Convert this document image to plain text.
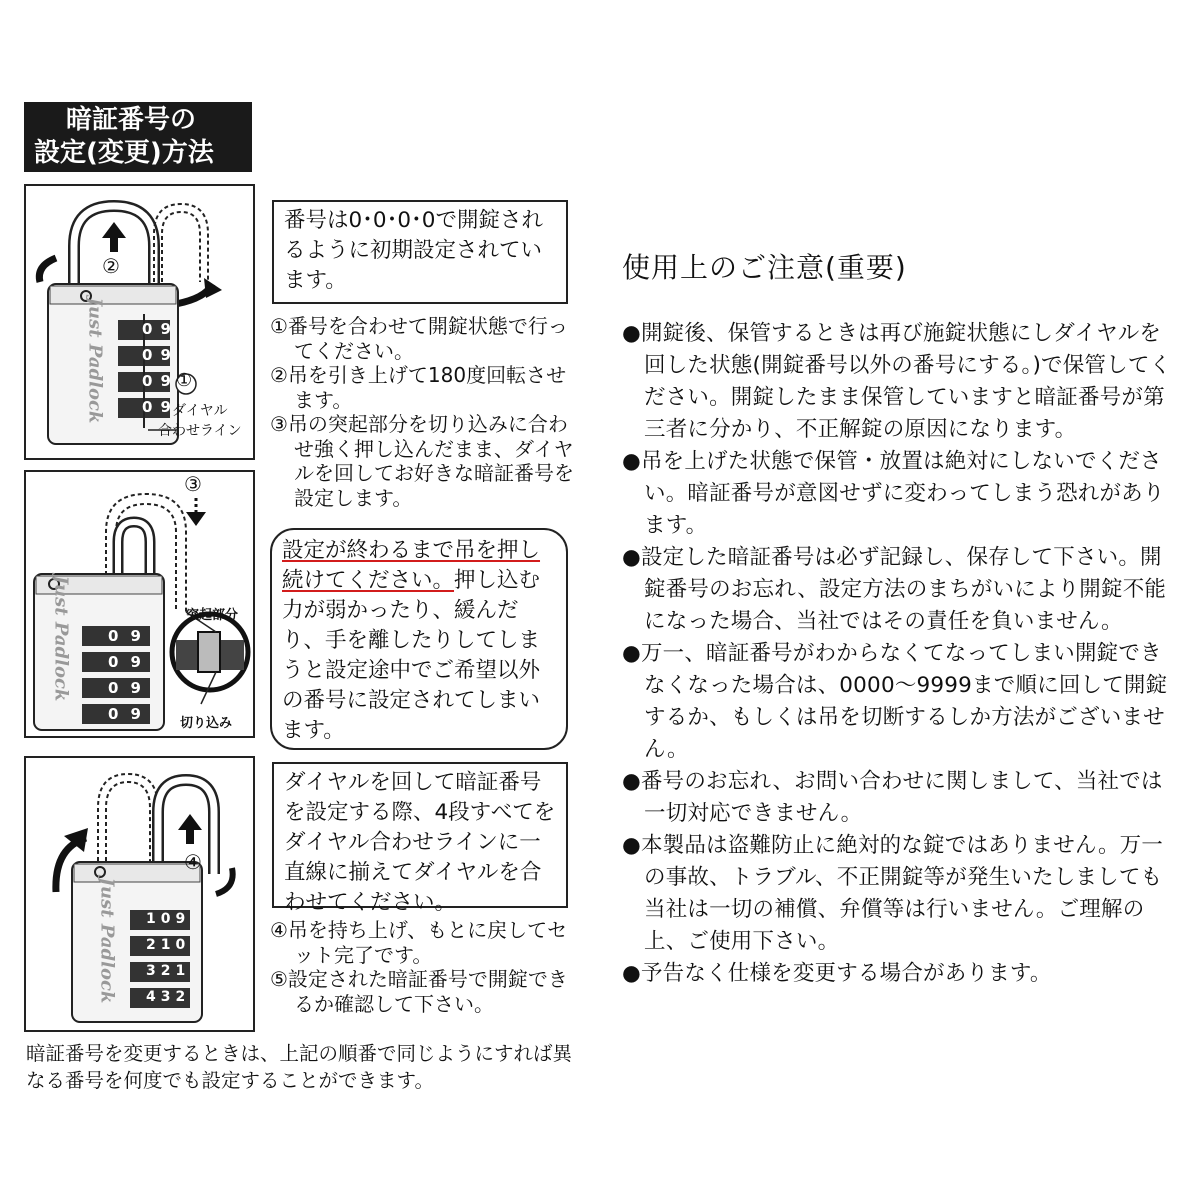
暗証番号の
設定(変更)方法
②
Just Padlock	09
09
09
09
①
ダイヤル
合わせライン
③
Just Padlock	09
09
09
09
突起部分
切り込み
④
Just Padlock	109
210
321
432
番号は0･0･0･0で開錠されるように初期設定されています。
①番号を合わせて開錠状態で行ってください。
②吊を引き上げて180度回転させます。
③吊の突起部分を切り込みに合わせ強く押し込んだまま、ダイヤルを回してお好きな暗証番号を設定します。
設定が終わるまで吊を押し続けてください。押し込む力が弱かったり、緩んだり、手を離したりしてしまうと設定途中でご希望以外の番号に設定されてしまいます。
ダイヤルを回して暗証番号を設定する際、4段すべてをダイヤル合わせラインに一直線に揃えてダイヤルを合わせてください。
④吊を持ち上げ、もとに戻してセット完了です。
⑤設定された暗証番号で開錠できるか確認して下さい。

暗証番号を変更するときは、上記の順番で同じようにすれば異なる番号を何度でも設定することができます。

使用上のご注意(重要)
●開錠後、保管するときは再び施錠状態にしダイヤルを回した状態(開錠番号以外の番号にする。)で保管してください。開錠したまま保管していますと暗証番号が第三者に分かり、不正解錠の原因になります。
●吊を上げた状態で保管・放置は絶対にしないでください。暗証番号が意図せずに変わってしまう恐れがあります。
●設定した暗証番号は必ず記録し、保存して下さい。開錠番号のお忘れ、設定方法のまちがいにより開錠不能になった場合、当社ではその責任を負いません。
●万一、暗証番号がわからなくてなってしまい開錠できなくなった場合は、0000〜9999まで順に回して開錠するか、もしくは吊を切断するしか方法がございません。
●番号のお忘れ、お問い合わせに関しまして、当社では一切対応できません。
●本製品は盗難防止に絶対的な錠ではありません。万一の事故、トラブル、不正開錠等が発生いたしましても当社は一切の補償、弁償等は行いません。ご理解の上、ご使用下さい。
●予告なく仕様を変更する場合があります。
